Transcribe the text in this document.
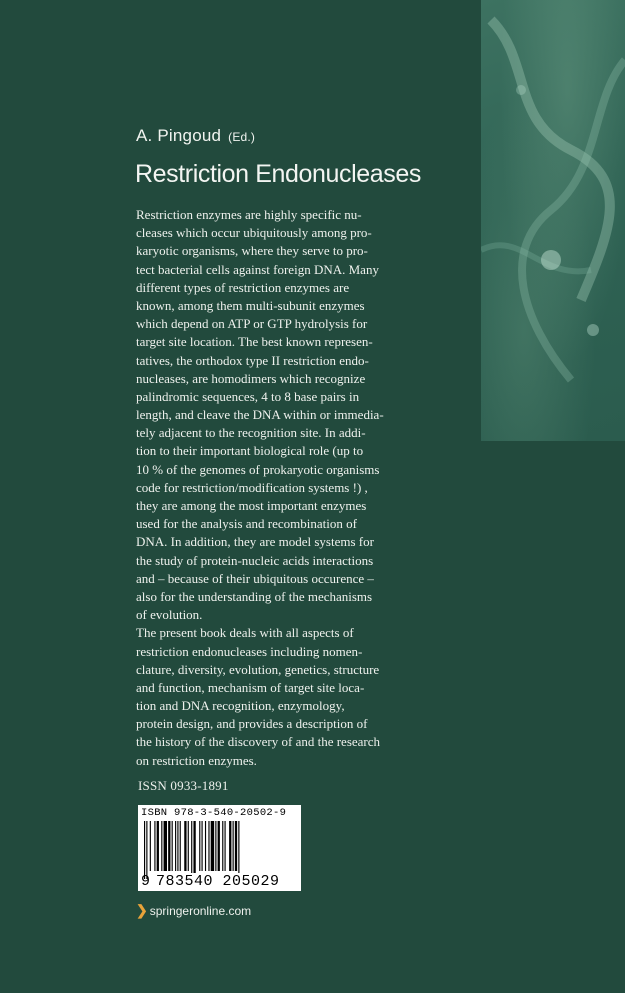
A. Pingoud (Ed.)
Restriction Endonucleases
Restriction enzymes are highly specific nu-
cleases which occur ubiquitously among pro-
karyotic organisms, where they serve to pro-
tect bacterial cells against foreign DNA. Many
different types of restriction enzymes are
known, among them multi-subunit enzymes
which depend on ATP or GTP hydrolysis for
target site location. The best known represen-
tatives, the orthodox type II restriction endo-
nucleases, are homodimers which recognize
palindromic sequences, 4 to 8 base pairs in
length, and cleave the DNA within or immedia-
tely adjacent to the recognition site. In addi-
tion to their important biological role (up to
10 % of the genomes of prokaryotic organisms
code for restriction/modification systems !) ,
they are among the most important enzymes
used for the analysis and recombination of
DNA. In addition, they are model systems for
the study of protein-nucleic acids interactions
and – because of their ubiquitous occurence –
also for the understanding of the mechanisms
of evolution.
The present book deals with all aspects of
restriction endonucleases including nomen-
clature, diversity, evolution, genetics, structure
and function, mechanism of target site loca-
tion and DNA recognition, enzymology,
protein design, and provides a description of
the history of the discovery of and the research
on restriction enzymes.
ISSN 0933-1891
ISBN 978-3-540-20502-9
9 783540 205029
❯ springeronline.com
